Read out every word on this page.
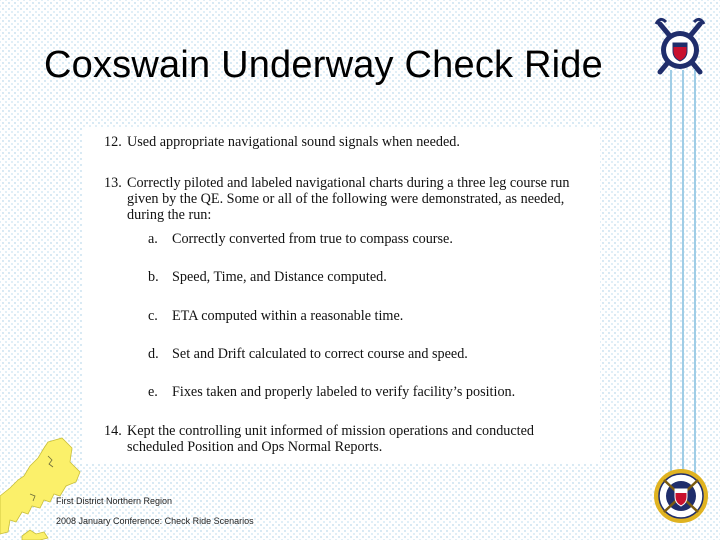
Coxswain Underway Check Ride
12. Used appropriate navigational sound signals when needed.
13. Correctly piloted and labeled navigational charts during a three leg course run given by the QE. Some or all of the following were demonstrated, as needed, during the run:
a. Correctly converted from true to compass course.
b. Speed, Time, and Distance computed.
c. ETA computed within a reasonable time.
d. Set and Drift calculated to correct course and speed.
e. Fixes taken and properly labeled to verify facility’s position.
14. Kept the controlling unit informed of mission operations and conducted scheduled Position and Ops Normal Reports.
First District Northern Region
2008 January Conference: Check Ride Scenarios
